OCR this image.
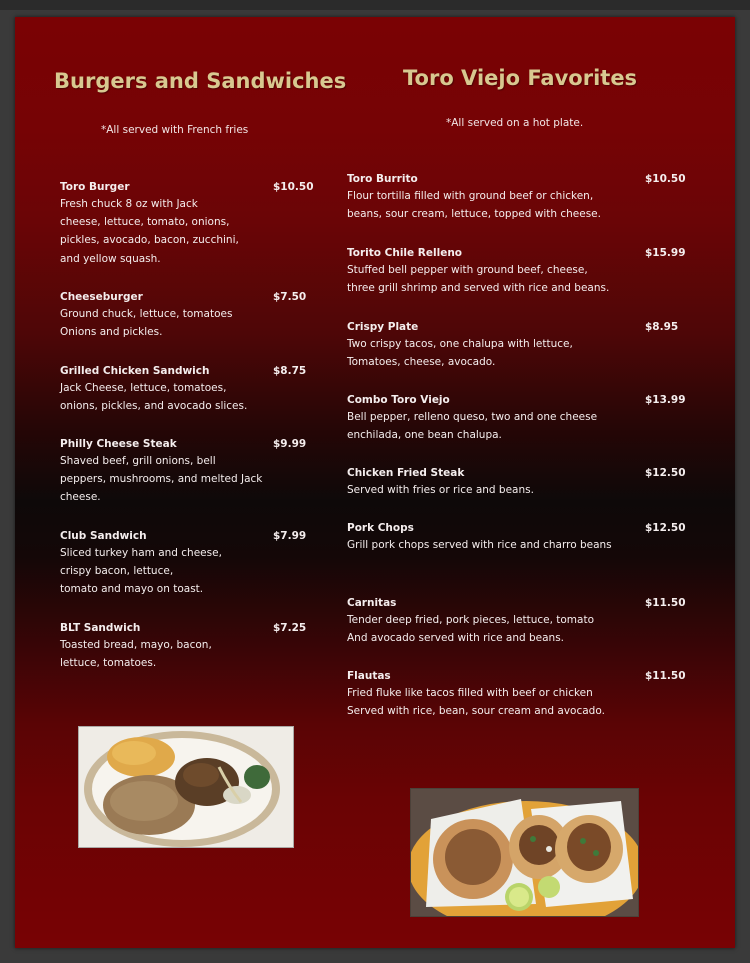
Burgers and Sandwiches

*All served with French fries

Toro Burger	$10.50
Fresh chuck 8 oz with Jack
cheese, lettuce, tomato, onions,
pickles, avocado, bacon, zucchini,
and yellow squash.
Cheeseburger	$7.50
Ground chuck, lettuce, tomatoes
Onions and pickles.
Grilled Chicken Sandwich	$8.75
Jack Cheese, lettuce, tomatoes,
onions, pickles, and avocado slices.
Philly Cheese Steak	$9.99
Shaved beef, grill onions, bell
peppers, mushrooms, and melted Jack
cheese.
Club Sandwich	$7.99
Sliced turkey ham and cheese,
crispy bacon, lettuce,
tomato and mayo on toast.
BLT Sandwich	$7.25
Toasted bread, mayo, bacon,
lettuce, tomatoes.
Toro Viejo Favorites

*All served on a hot plate.

Toro Burrito	$10.50
Flour tortilla filled with ground beef or chicken,
beans, sour cream, lettuce, topped with cheese.
Torito Chile Relleno	$15.99
Stuffed bell pepper with ground beef, cheese,
three grill shrimp and served with rice and beans.
Crispy Plate	$8.95
Two crispy tacos, one chalupa with lettuce,
Tomatoes, cheese, avocado.
Combo Toro Viejo	$13.99
Bell pepper, relleno queso, two and one cheese
enchilada, one bean chalupa.
Chicken Fried Steak	$12.50
Served with fries or rice and beans.
Pork Chops	$12.50
Grill pork chops served with rice and charro beans
Carnitas	$11.50
Tender deep fried, pork pieces, lettuce, tomato
And avocado served with rice and beans.
Flautas	$11.50
Fried fluke like tacos filled with beef or chicken
Served with rice, bean, sour cream and avocado.
